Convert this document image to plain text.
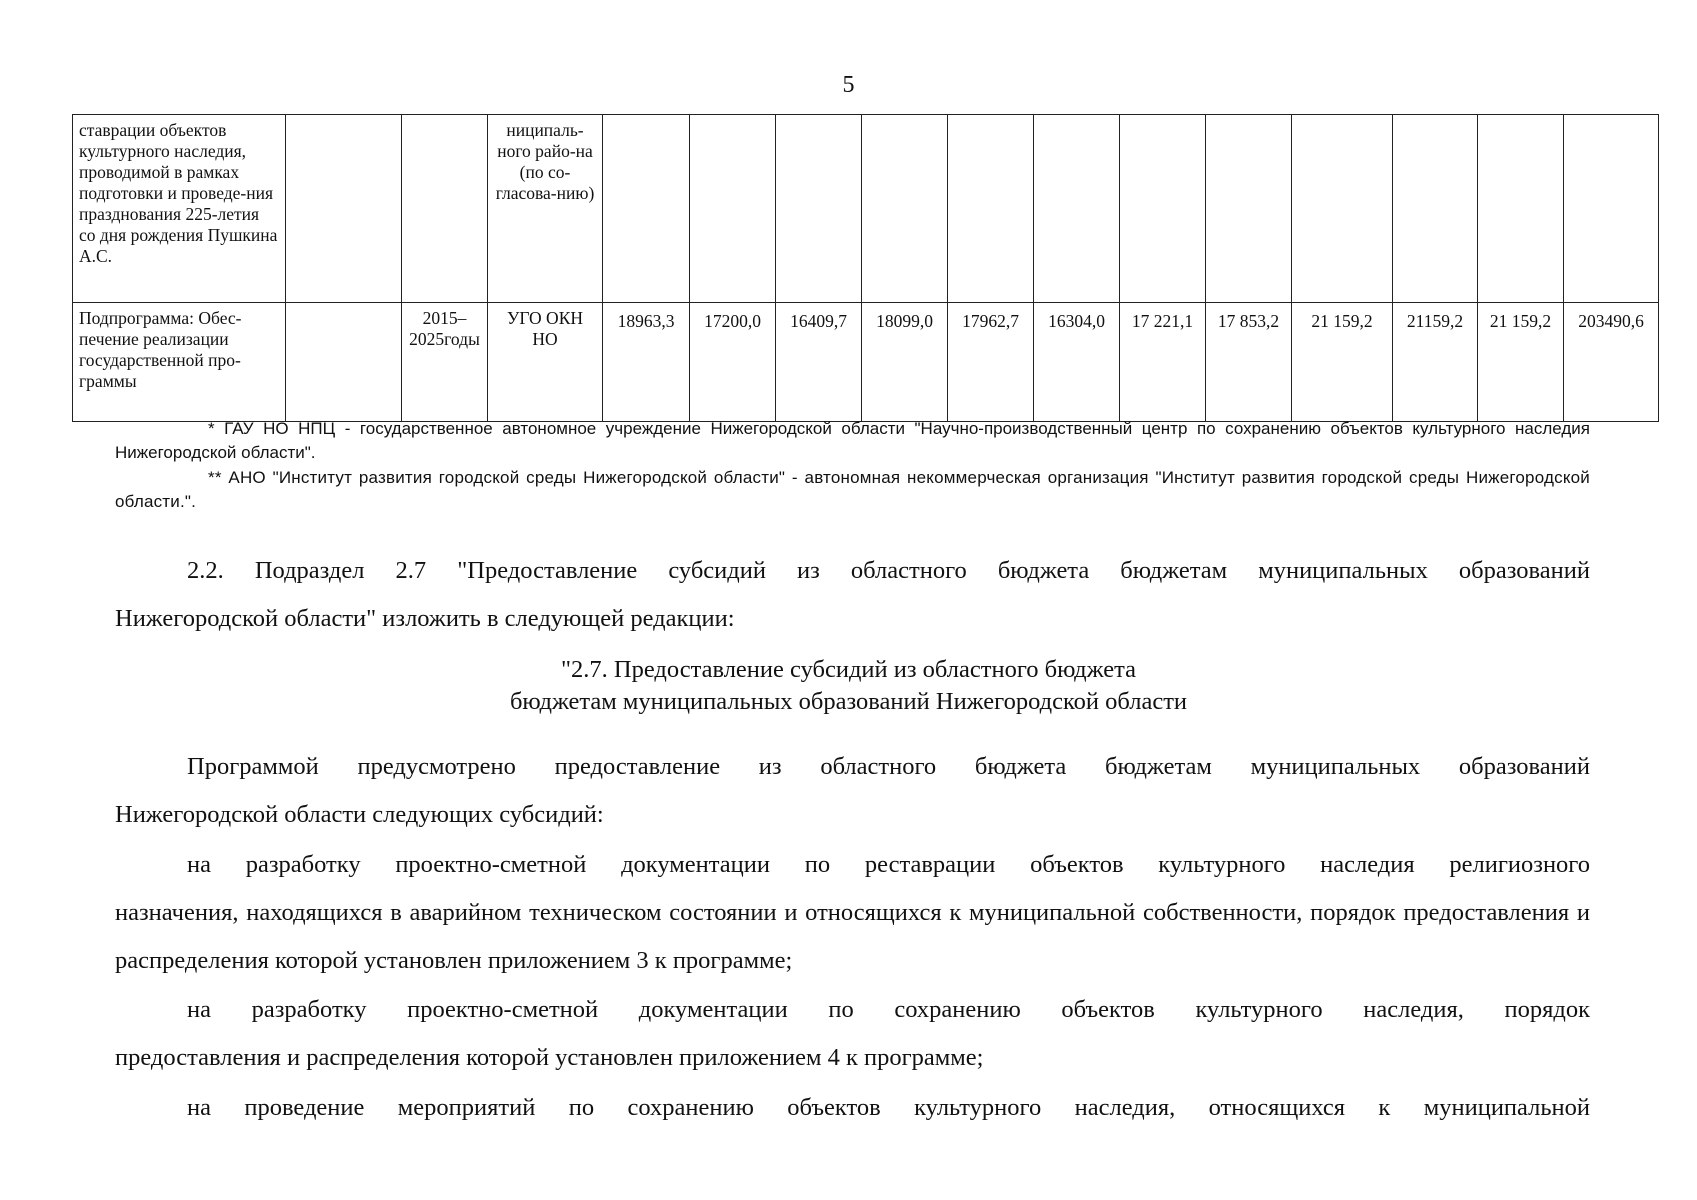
5
ставрации объектов культурного наследия, проводимой в рамках подготовки и проведе-ния празднования 225-летия со дня рождения Пушкина А.С.			ниципаль-ного райо-на (по со-гласова-нию)												
Подпрограмма: Обес-печение реализации государственной про-граммы		2015–2025годы	УГО ОКН НО	18963,3	17200,0	16409,7	18099,0	17962,7	16304,0	17 221,1	17 853,2	21 159,2	21159,2	21 159,2	203490,6
* ГАУ НО НПЦ - государственное автономное учреждение Нижегородской области "Научно-производственный центр по сохранению объектов культурного наследия Нижегородской области".
** АНО "Институт развития городской среды Нижегородской области" - автономная некоммерческая организация "Институт развития городской среды Нижегородской области.".
2.2. Подраздел 2.7 "Предоставление субсидий из областного бюджета бюджетам муниципальных образований
Нижегородской области" изложить в следующей редакции:
"2.7. Предоставление субсидий из областного бюджета
бюджетам муниципальных образований Нижегородской области
Программой предусмотрено предоставление из областного бюджета бюджетам муниципальных образований
Нижегородской области следующих субсидий:
на разработку проектно-сметной документации по реставрации объектов культурного наследия религиозного
назначения, находящихся в аварийном техническом состоянии и относящихся к муниципальной собственности, порядок предоставления и распределения которой установлен приложением 3 к программе;
на разработку проектно-сметной документации по сохранению объектов культурного наследия, порядок
предоставления и распределения которой установлен приложением 4 к программе;
на проведение мероприятий по сохранению объектов культурного наследия, относящихся к муниципальной
